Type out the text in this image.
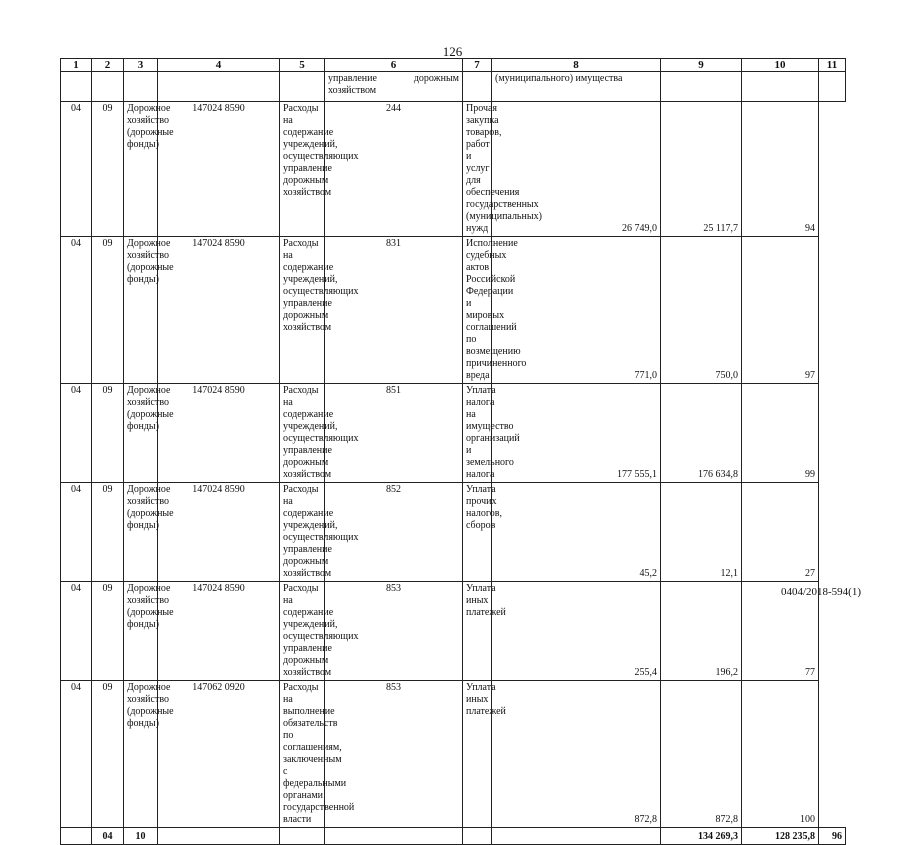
126
1	2	3	4	5	6	7	8	9	10	11
					управление дорожным хозяйством		(муниципального) имущества			
04	09	Дорожное хозяйство (дорожные фонды)	147024 8590	Расходы на содержание учреждений, осуществляющих управление дорожным хозяйством	244	Прочая закупка товаров, работ и услуг для обеспечения государственных (муниципальных) нужд	26 749,0	25 117,7	94	
04	09	Дорожное хозяйство (дорожные фонды)	147024 8590	Расходы на содержание учреждений, осуществляющих управление дорожным хозяйством	831	Исполнение судебных актов Российской Федерации и мировых соглашений по возмещению причиненного вреда	771,0	750,0	97	
04	09	Дорожное хозяйство (дорожные фонды)	147024 8590	Расходы на содержание учреждений, осуществляющих управление дорожным хозяйством	851	Уплата налога на имущество организаций и земельного налога	177 555,1	176 634,8	99	
04	09	Дорожное хозяйство (дорожные фонды)	147024 8590	Расходы на содержание учреждений, осуществляющих управление дорожным хозяйством	852	Уплата прочих налогов, сборов	45,2	12,1	27	
04	09	Дорожное хозяйство (дорожные фонды)	147024 8590	Расходы на содержание учреждений, осуществляющих управление дорожным хозяйством	853	Уплата иных платежей	255,4	196,2	77	
04	09	Дорожное хозяйство (дорожные фонды)	147062 0920	Расходы на выполнение обязательств по соглашениям, заключенным с федеральными органами государственной власти	853	Уплата иных платежей	872,8	872,8	100	
	04	10						134 269,3	128 235,8	96
0404/2018-594(1)
